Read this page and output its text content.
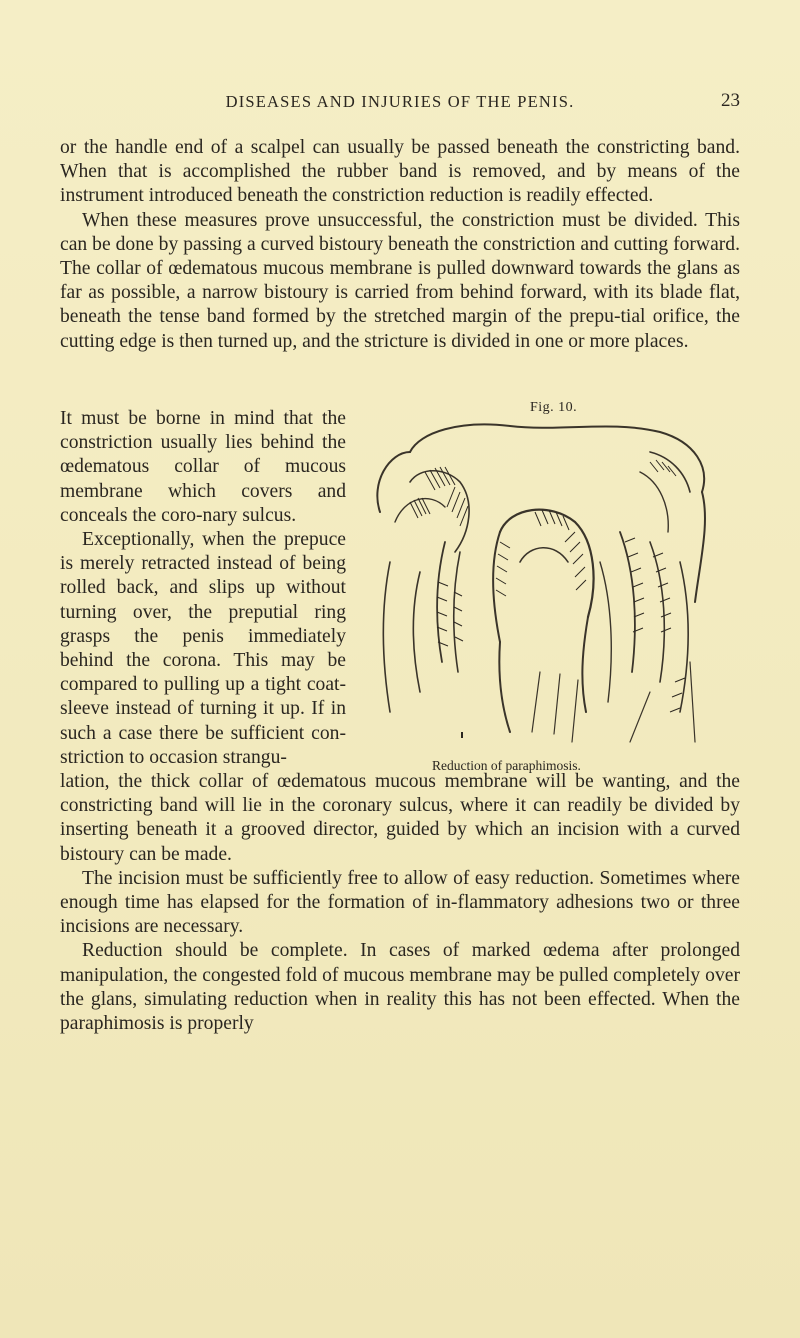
DISEASES AND INJURIES OF THE PENIS.	23

or the handle end of a scalpel can usually be passed beneath the constricting band. When that is accomplished the rubber band is removed, and by means of the instrument introduced beneath the constriction reduction is readily effected.

When these measures prove unsuccessful, the constriction must be divided. This can be done by passing a curved bistoury beneath the constriction and cutting forward. The collar of œdematous mucous membrane is pulled downward towards the glans as far as possible, a narrow bistoury is carried from behind forward, with its blade flat, beneath the tense band formed by the stretched margin of the prepu-tial orifice, the cutting edge is then turned up, and the stricture is divided in one or more places.

It must be borne in mind that the constriction usually lies behind the œdematous collar of mucous membrane which covers and conceals the coro-nary sulcus.

Exceptionally, when the prepuce is merely retracted instead of being rolled back, and slips up without turning over, the preputial ring grasps the penis immediately behind the corona. This may be compared to pulling up a tight coat-sleeve instead of turning it up. If in such a case there be sufficient con-striction to occasion strangu-

Fig. 10.
Reduction of paraphimosis.

lation, the thick collar of œdematous mucous membrane will be wanting, and the constricting band will lie in the coronary sulcus, where it can readily be divided by inserting beneath it a grooved director, guided by which an incision with a curved bistoury can be made.

The incision must be sufficiently free to allow of easy reduction. Sometimes where enough time has elapsed for the formation of in-flammatory adhesions two or three incisions are necessary.

Reduction should be complete. In cases of marked œdema after prolonged manipulation, the congested fold of mucous membrane may be pulled completely over the glans, simulating reduction when in reality this has not been effected. When the paraphimosis is properly
